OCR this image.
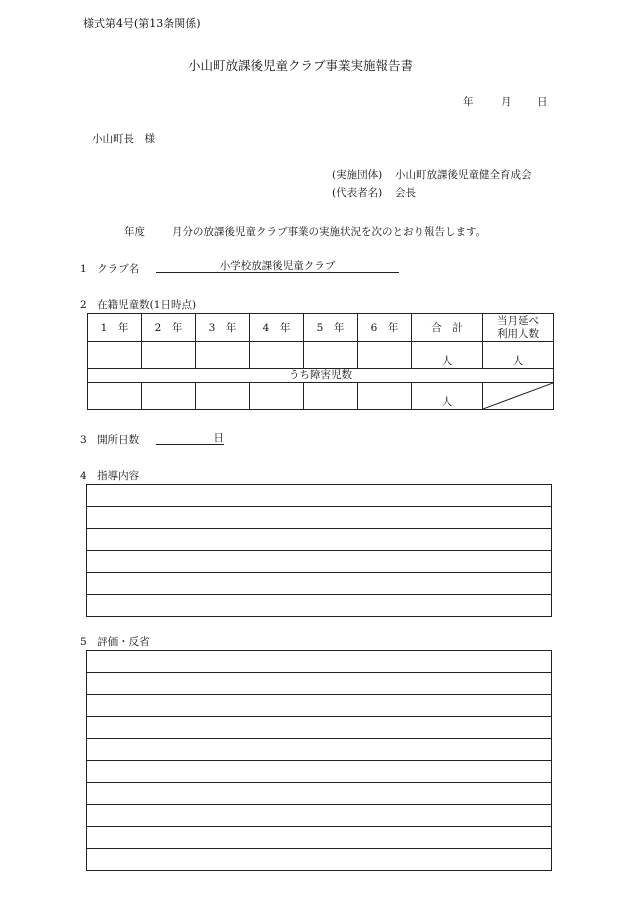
様式第4号(第13条関係)
小山町放課後児童クラブ事業実施報告書
年	月 日
小山町長　様
(実施団体) 小山町放課後児童健全育成会
(代表者名) 会長
年度	月分の放課後児童クラブ事業の実施状況を次のとおり報告します。
1　クラブ名	小学校放課後児童クラブ
2　在籍児童数(1日時点)
1　年	2　年	3　年	4　年	5　年	6　年	合　計	当月延べ
利用人数

						人	人
うち障害児数							
						人	
3　開所日数	日
4　指導内容
5　評価・反省
